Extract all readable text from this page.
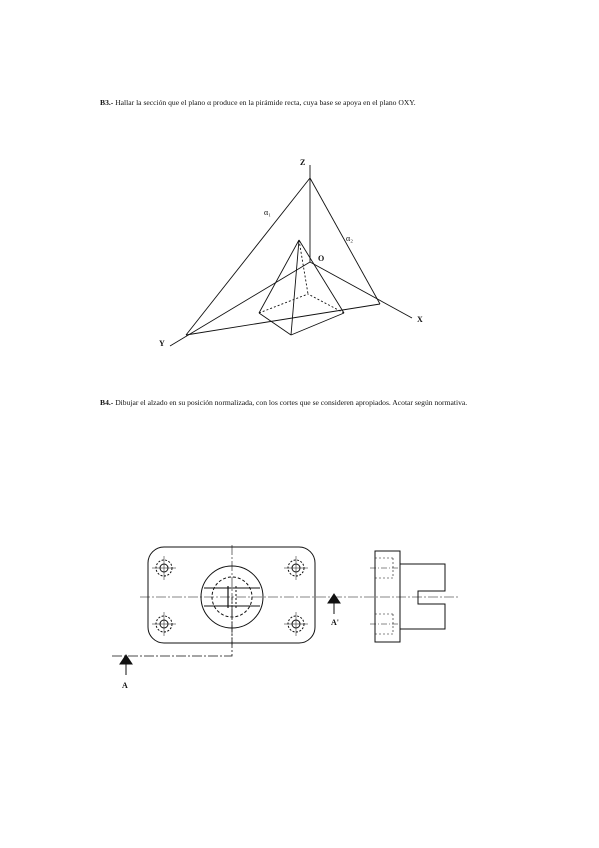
B3.- Hallar la sección que el plano α produce en la pirámide recta, cuya base se apoya en el plano OXY.
B4.- Dibujar el alzado en su posición normalizada, con los cortes que se consideren apropiados. Acotar según normativa.
Z
X
Y
O
α₁
α₂
A
A'
